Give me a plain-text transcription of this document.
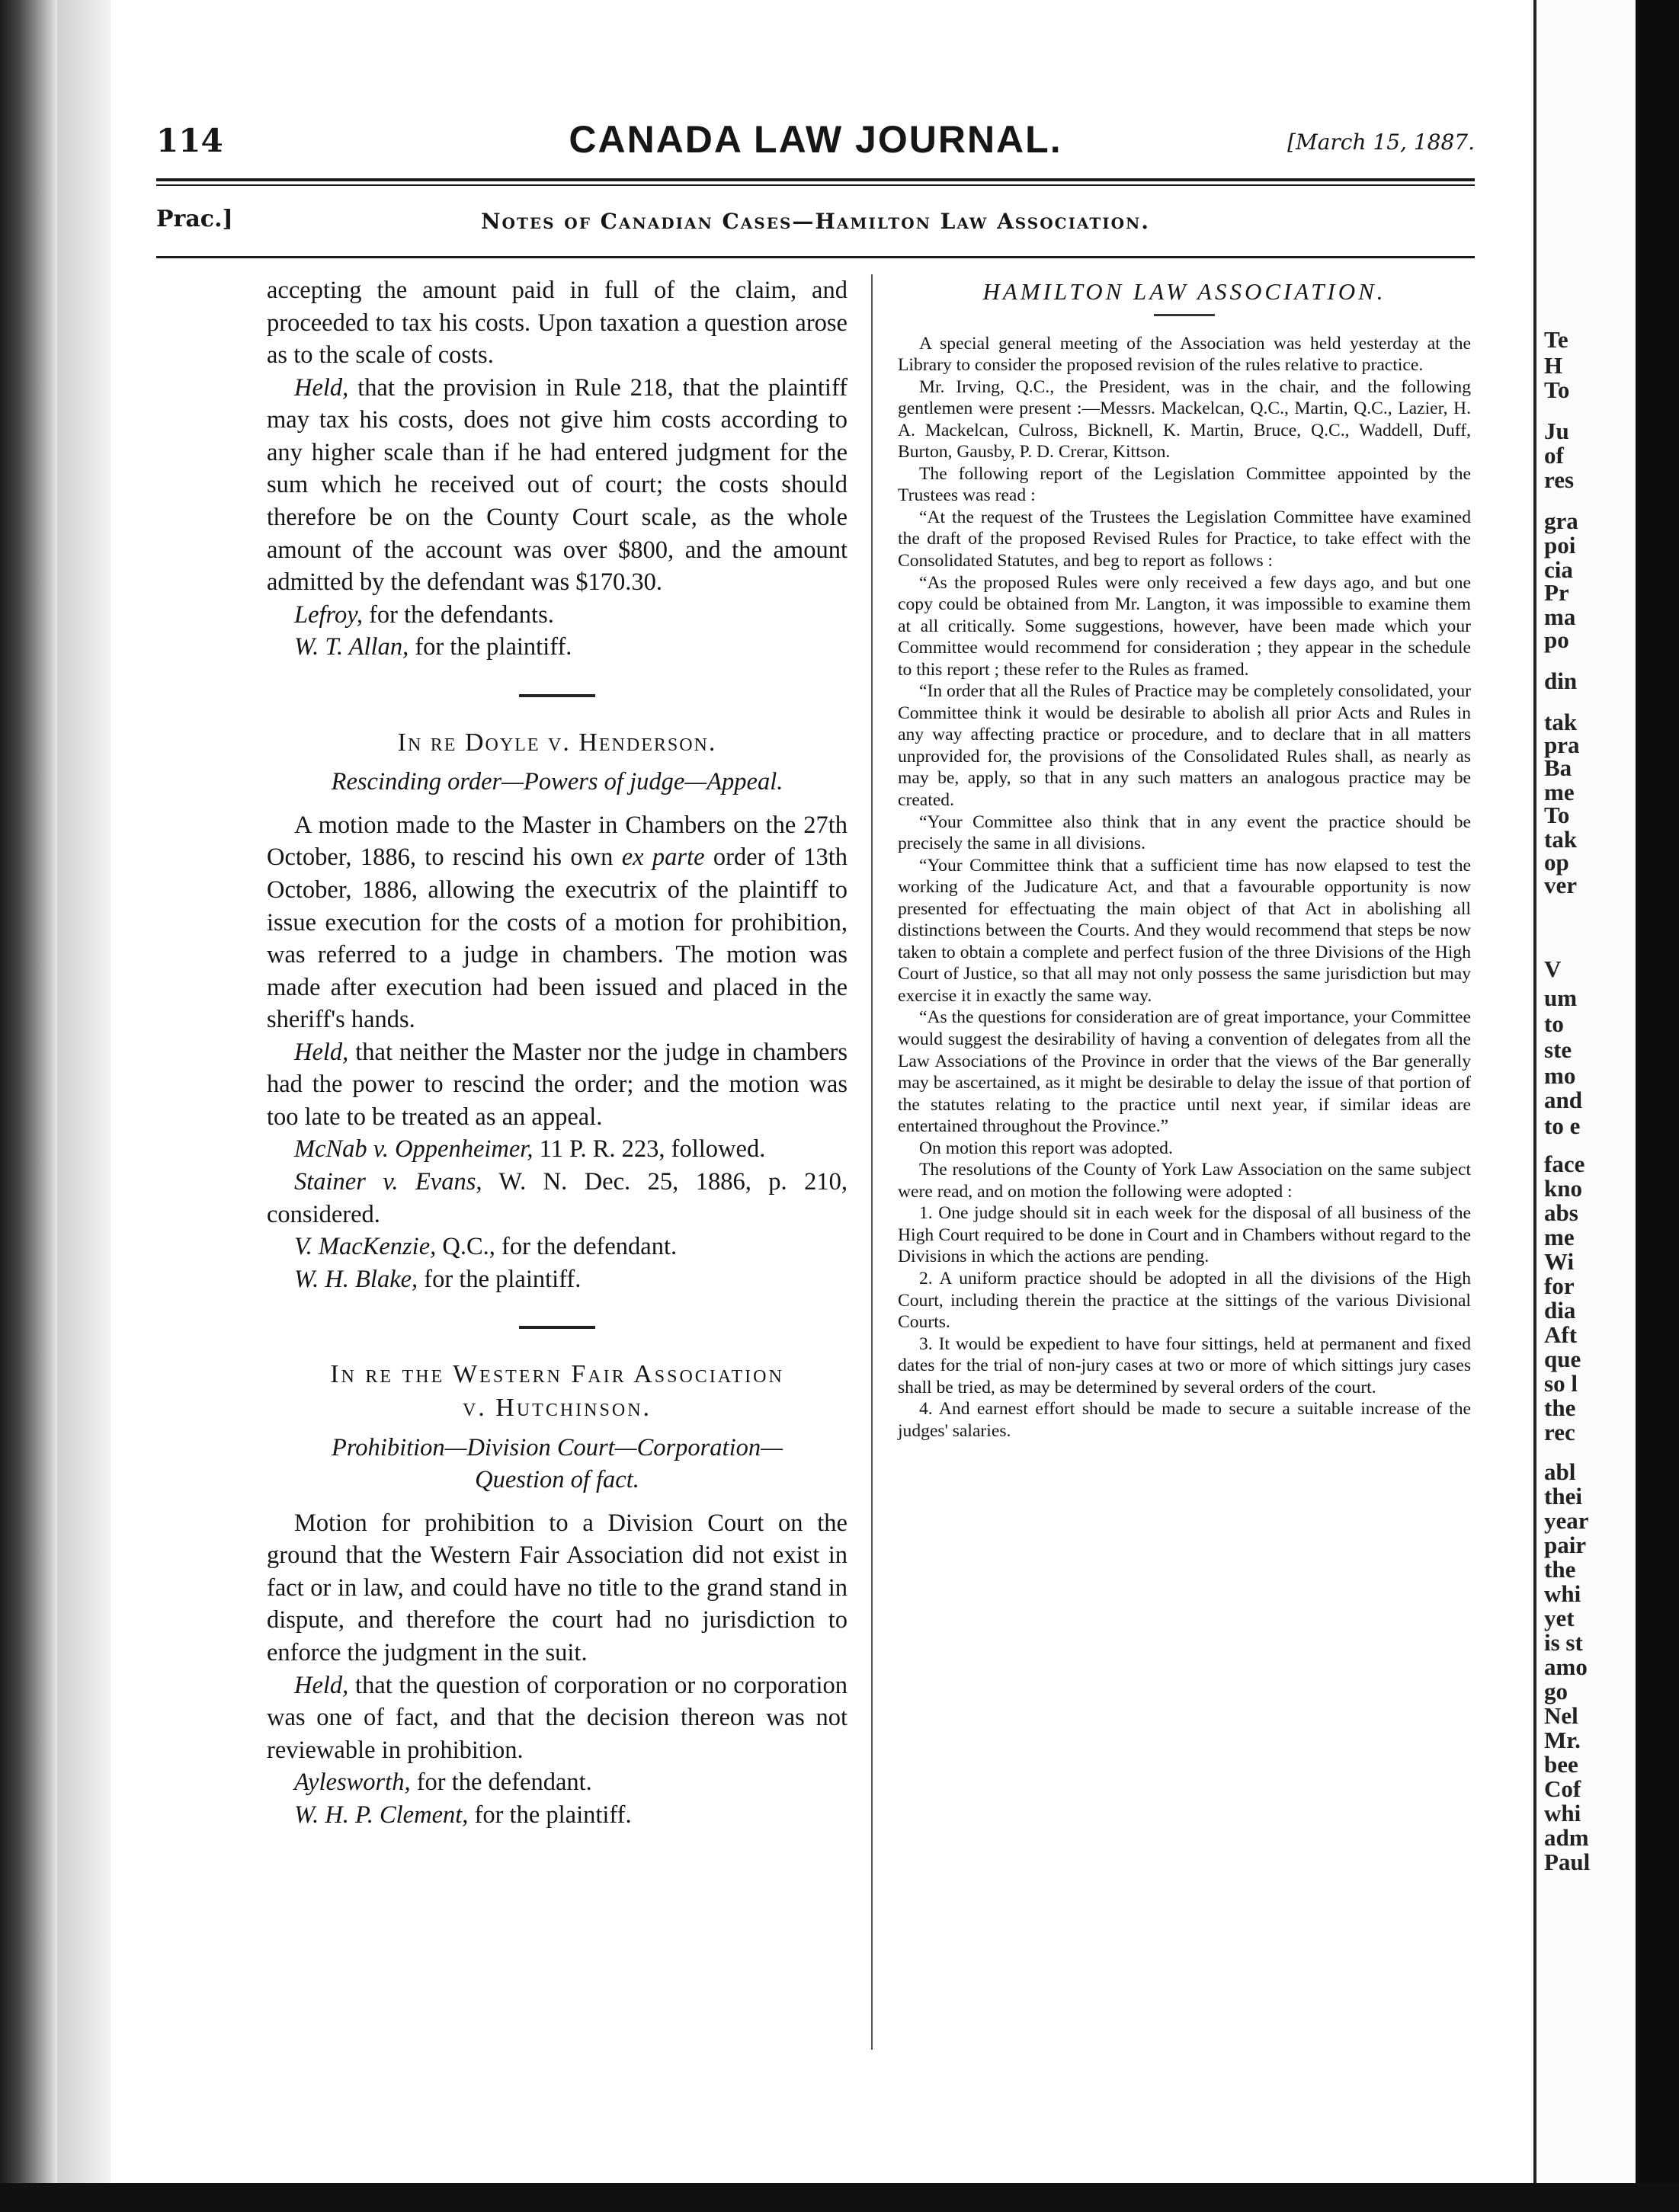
Te
H
To
Ju
of
res
gra
poi
cia
Pr
ma
po
din
tak
pra
Ba
me
To
tak
op
ver
V
um
to
ste
mo
and
to e
face
kno
abs
me
Wi
for
dia
Aft
que
so l
the
rec
abl
thei
year
pair
the
whi
yet
is st
amo
go
Nel
Mr.
bee
Cof
whi
adm
Paul
114	CANADA LAW JOURNAL.	[March 15, 1887.
Prac.]	Notes of Canadian Cases—Hamilton Law Association.

accepting the amount paid in full of the claim, and proceeded to tax his costs. Upon taxation a question arose as to the scale of costs.

Held, that the provision in Rule 218, that the plaintiff may tax his costs, does not give him costs according to any higher scale than if he had entered judgment for the sum which he received out of court; the costs should therefore be on the County Court scale, as the whole amount of the account was over $800, and the amount admitted by the defendant was $170.30.

Lefroy, for the defendants.

W. T. Allan, for the plaintiff.

In re Doyle v. Henderson.

Rescinding order—Powers of judge—Appeal.

A motion made to the Master in Chambers on the 27th October, 1886, to rescind his own ex parte order of 13th October, 1886, allowing the executrix of the plaintiff to issue execution for the costs of a motion for prohibition, was referred to a judge in chambers. The motion was made after execution had been issued and placed in the sheriff's hands.

Held, that neither the Master nor the judge in chambers had the power to rescind the order; and the motion was too late to be treated as an appeal.

McNab v. Oppenheimer, 11 P. R. 223, followed.

Stainer v. Evans, W. N. Dec. 25, 1886, p. 210, considered.

V. MacKenzie, Q.C., for the defendant.

W. H. Blake, for the plaintiff.

In re the Western Fair Association
v. Hutchinson.

Prohibition—Division Court—Corporation—

Question of fact.

Motion for prohibition to a Division Court on the ground that the Western Fair Association did not exist in fact or in law, and could have no title to the grand stand in dispute, and therefore the court had no jurisdiction to enforce the judgment in the suit.

Held, that the question of corporation or no corporation was one of fact, and that the decision thereon was not reviewable in prohibition.

Aylesworth, for the defendant.

W. H. P. Clement, for the plaintiff.

HAMILTON LAW ASSOCIATION.

A special general meeting of the Association was held yesterday at the Library to consider the proposed revision of the rules relative to practice.

Mr. Irving, Q.C., the President, was in the chair, and the following gentlemen were present :—Messrs. Mackelcan, Q.C., Martin, Q.C., Lazier, H. A. Mackelcan, Culross, Bicknell, K. Martin, Bruce, Q.C., Waddell, Duff, Burton, Gausby, P. D. Crerar, Kittson.

The following report of the Legislation Committee appointed by the Trustees was read :

“At the request of the Trustees the Legislation Committee have examined the draft of the proposed Revised Rules for Practice, to take effect with the Consolidated Statutes, and beg to report as follows :

“As the proposed Rules were only received a few days ago, and but one copy could be obtained from Mr. Langton, it was impossible to examine them at all critically. Some suggestions, however, have been made which your Committee would recommend for consideration ; they appear in the schedule to this report ; these refer to the Rules as framed.

“In order that all the Rules of Practice may be completely consolidated, your Committee think it would be desirable to abolish all prior Acts and Rules in any way affecting practice or procedure, and to declare that in all matters unprovided for, the provisions of the Consolidated Rules shall, as nearly as may be, apply, so that in any such matters an analogous practice may be created.

“Your Committee also think that in any event the practice should be precisely the same in all divisions.

“Your Committee think that a sufficient time has now elapsed to test the working of the Judicature Act, and that a favourable opportunity is now presented for effectuating the main object of that Act in abolishing all distinctions between the Courts. And they would recommend that steps be now taken to obtain a complete and perfect fusion of the three Divisions of the High Court of Justice, so that all may not only possess the same jurisdiction but may exercise it in exactly the same way.

“As the questions for consideration are of great importance, your Committee would suggest the desirability of having a convention of delegates from all the Law Associations of the Province in order that the views of the Bar generally may be ascertained, as it might be desirable to delay the issue of that portion of the statutes relating to the practice until next year, if similar ideas are entertained throughout the Province.”

On motion this report was adopted.

The resolutions of the County of York Law Association on the same subject were read, and on motion the following were adopted :

1. One judge should sit in each week for the disposal of all business of the High Court required to be done in Court and in Chambers without regard to the Divisions in which the actions are pending.

2. A uniform practice should be adopted in all the divisions of the High Court, including therein the practice at the sittings of the various Divisional Courts.

3. It would be expedient to have four sittings, held at permanent and fixed dates for the trial of non-jury cases at two or more of which sittings jury cases shall be tried, as may be determined by several orders of the court.

4. And earnest effort should be made to secure a suitable increase of the judges' salaries.
